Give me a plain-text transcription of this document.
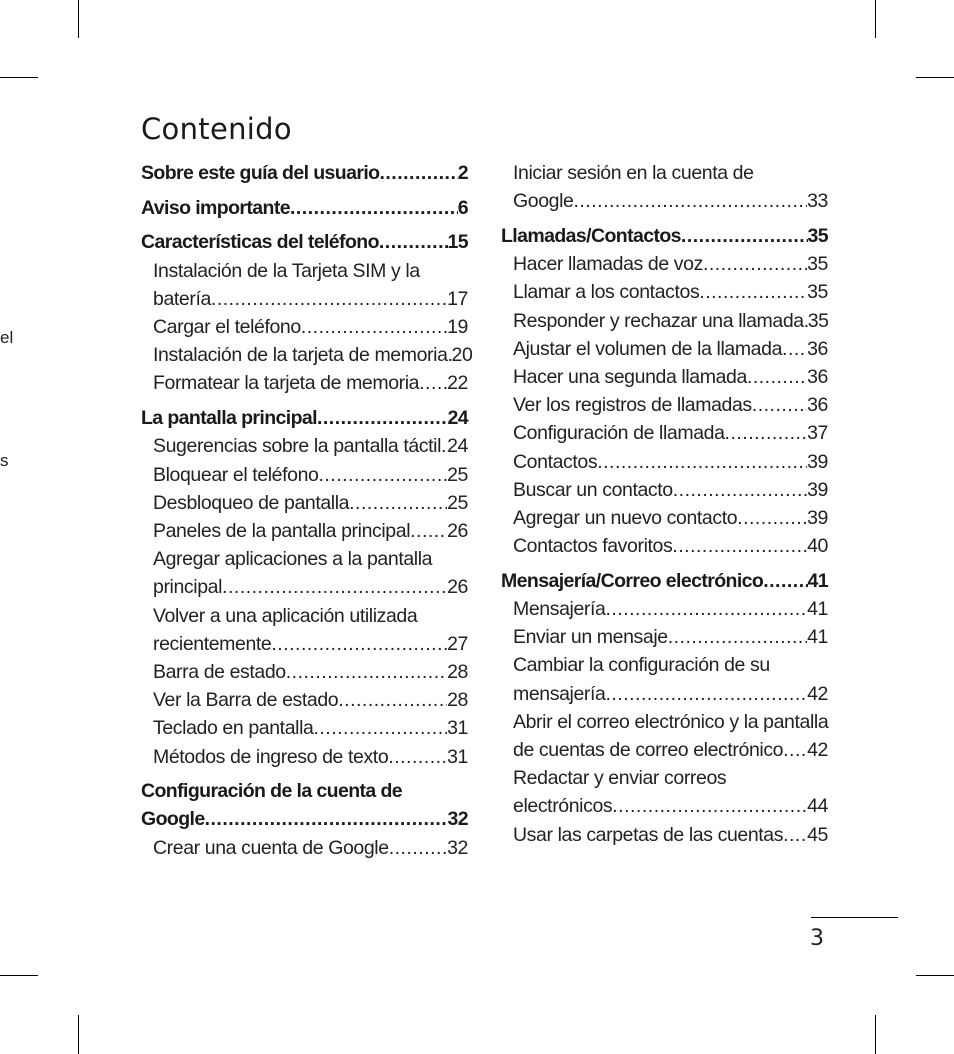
el
s
Contenido
Sobre este guía del usuario .....	2
Aviso importante .....	6
Características del teléfono .....	15
Instalación de la Tarjeta SIM y la
batería .....	17
Cargar el teléfono .....	19
Instalación de la tarjeta de memoria ..... 20
Formatear la tarjeta de memoria ..... 22
La pantalla principal .....	24
Sugerencias sobre la pantalla táctil ..... 24
Bloquear el teléfono .....	25
Desbloqueo de pantalla .....	25
Paneles de la pantalla principal ..... 26
Agregar aplicaciones a la pantalla
principal .....	26
Volver a una aplicación utilizada
recientemente .....	27
Barra de estado .....	28
Ver la Barra de estado .....	28
Teclado en pantalla .....	31
Métodos de ingreso de texto .....	31
Configuración de la cuenta de
Google .....	32
Crear una cuenta de Google .....	32
Iniciar sesión en la cuenta de
Google .....	33
Llamadas/Contactos .....	35
Hacer llamadas de voz .....	35
Llamar a los contactos .....	35
Responder y rechazar una llamada ..... 35
Ajustar el volumen de la llamada ..... 36
Hacer una segunda llamada .....	36
Ver los registros de llamadas .....	36
Configuración de llamada .....	37
Contactos .....	39
Buscar un contacto .....	39
Agregar un nuevo contacto .....	39
Contactos favoritos .....	40
Mensajería/Correo electrónico ..... 41
Mensajería .....	41
Enviar un mensaje .....	41
Cambiar la configuración de su
mensajería .....	42
Abrir el correo electrónico y la pantalla
de cuentas de correo electrónico ..... 42
Redactar y enviar correos
electrónicos .....	44
Usar las carpetas de las cuentas ..... 45
3
